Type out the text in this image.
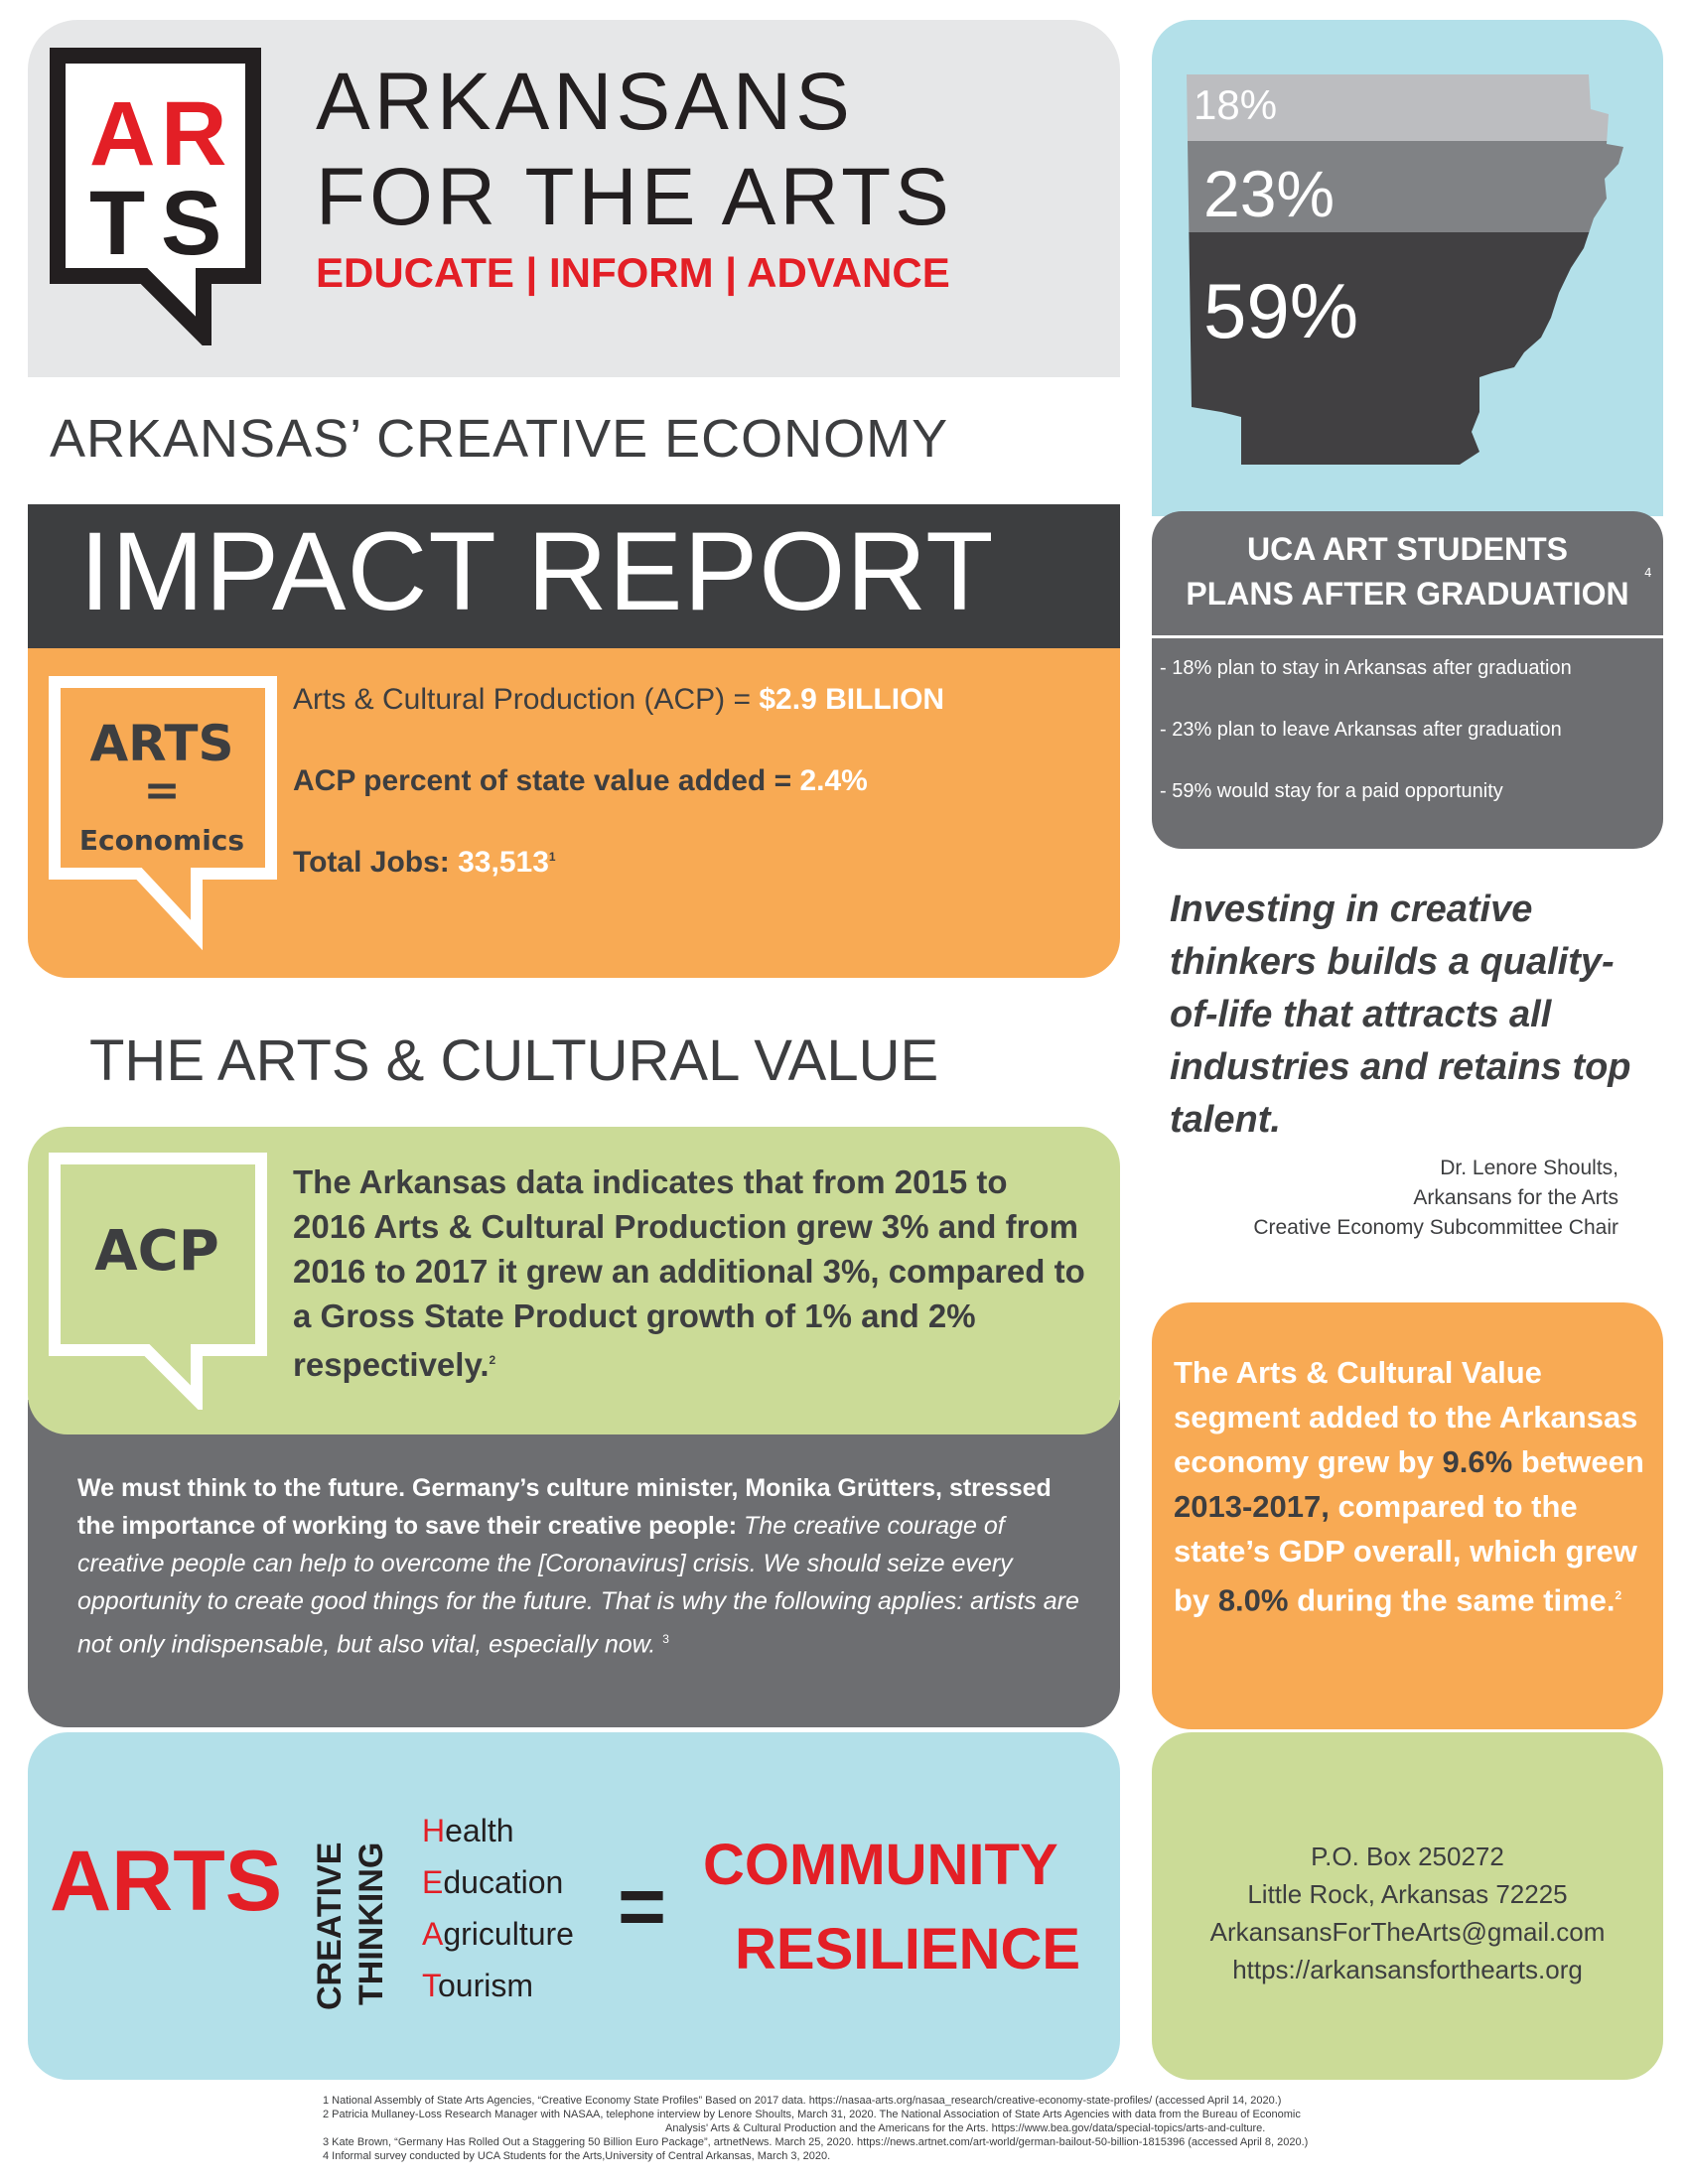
A R
T S
ARKANSANS
FOR THE ARTS
EDUCATE | INFORM | ADVANCE
ARKANSAS’ CREATIVE ECONOMY
IMPACT REPORT
ARTS
=
Economics
Arts & Cultural Production (ACP) = $2.9 BILLION
ACP percent of state value added = 2.4%
Total Jobs: 33,513$^1$
THE ARTS & CULTURAL VALUE
ACP
The Arkansas data indicates that from 2015 to 2016 Arts & Cultural Production grew 3% and from 2016 to 2017 it grew an additional 3%, compared to a Gross State Product growth of 1% and 2% respectively.$^2$
We must think to the future. Germany’s culture minister, Monika Grütters, stressed the importance of working to save their creative people: The creative courage of creative people can help to overcome the [Coronavirus] crisis. We should seize every opportunity to create good things for the future. That is why the following applies: artists are not only indispensable, but also vital, especially now. $^3$
ARTS CREATIVE THINKING
Health
Education
Agriculture
Tourism
= COMMUNITY
RESILIENCE
18%
23%
59%
UCA ART STUDENTS
PLANS AFTER GRADUATION
4
- 18% plan to stay in Arkansas after graduation
- 23% plan to leave Arkansas after graduation
- 59% would stay for a paid opportunity
Investing in creative thinkers builds a quality-of-life that attracts all industries and retains top talent.
Dr. Lenore Shoults,
Arkansans for the Arts
Creative Economy Subcommittee Chair
The Arts & Cultural Value segment added to the Arkansas economy grew by 9.6% between 2013-2017, compared to the state’s GDP overall, which grew by 8.0% during the same time.$^2$
P.O. Box 250272
Little Rock, Arkansas 72225
ArkansansForTheArts@gmail.com
https://arkansansforthearts.org
1 National Assembly of State Arts Agencies, “Creative Economy State Profiles” Based on 2017 data. https://nasaa-arts.org/nasaa_research/creative-economy-state-profiles/ (accessed April 14, 2020.)
2 Patricia Mullaney-Loss Research Manager with NASAA, telephone interview by Lenore Shoults, March 31, 2020. The National Association of State Arts Agencies with data from the Bureau of Economic
Analysis' Arts & Cultural Production and the Americans for the Arts. https://www.bea.gov/data/special-topics/arts-and-culture.
3 Kate Brown, “Germany Has Rolled Out a Staggering 50 Billion Euro Package”, artnetNews. March 25, 2020. https://news.artnet.com/art-world/german-bailout-50-billion-1815396 (accessed April 8, 2020.)
4 Informal survey conducted by UCA Students for the Arts,University of Central Arkansas, March 3, 2020.
